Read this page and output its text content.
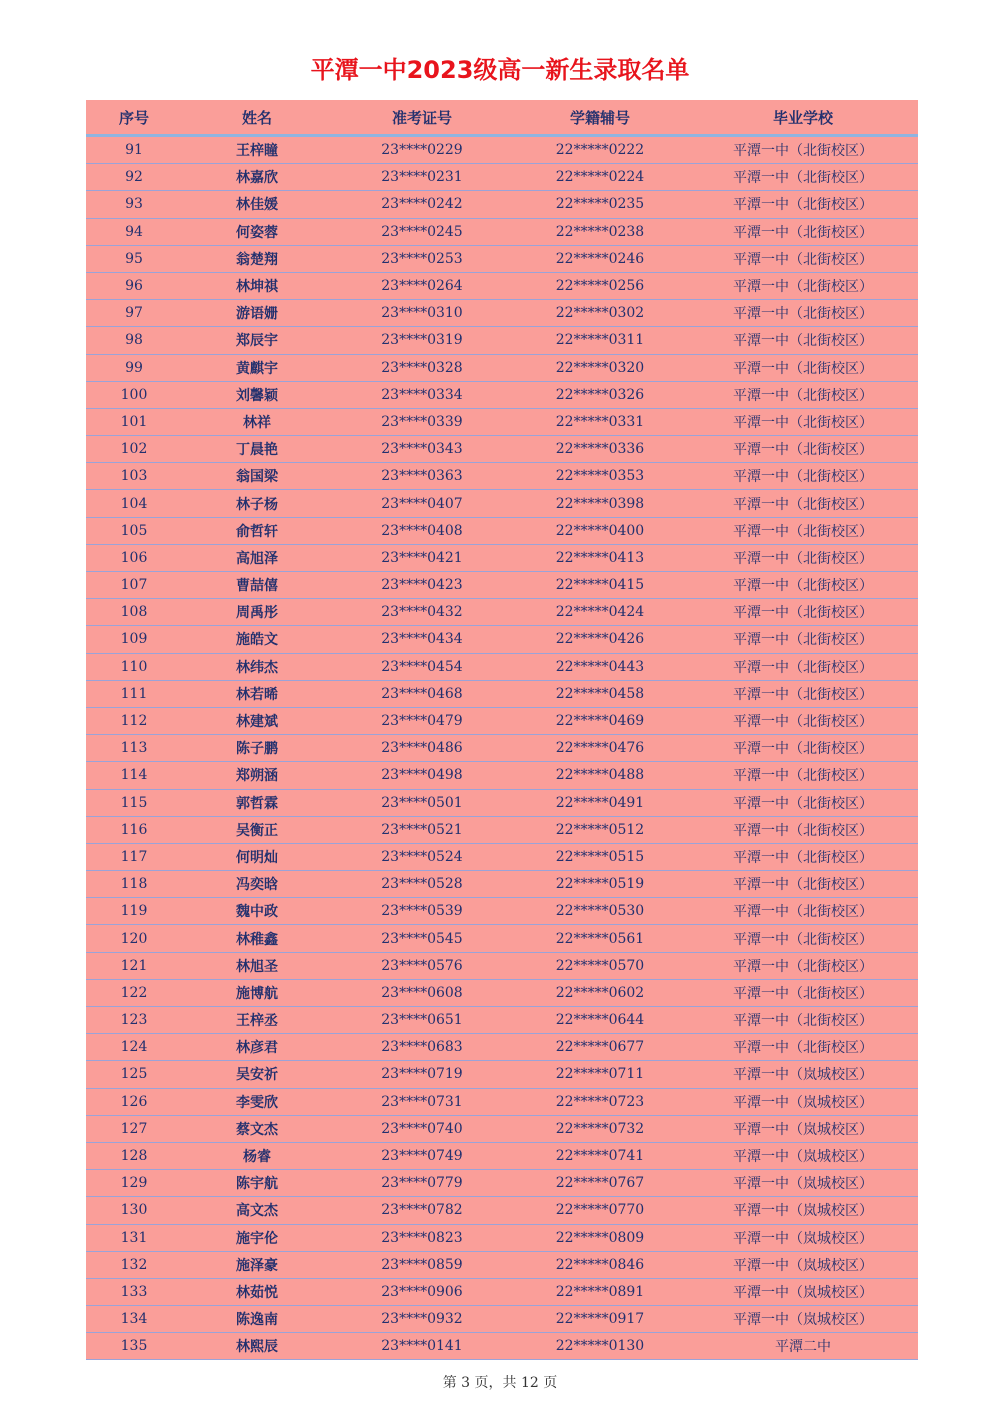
平潭一中2023级高一新生录取名单
序号	姓名	准考证号	学籍辅号	毕业学校
91	王梓瞳	23****0229	22*****0222	平潭一中（北街校区）
92	林嘉欣	23****0231	22*****0224	平潭一中（北街校区）
93	林佳媛	23****0242	22*****0235	平潭一中（北街校区）
94	何姿蓉	23****0245	22*****0238	平潭一中（北街校区）
95	翁楚翔	23****0253	22*****0246	平潭一中（北街校区）
96	林坤祺	23****0264	22*****0256	平潭一中（北街校区）
97	游语姗	23****0310	22*****0302	平潭一中（北街校区）
98	郑辰宇	23****0319	22*****0311	平潭一中（北街校区）
99	黄麒宇	23****0328	22*****0320	平潭一中（北街校区）
100	刘馨颖	23****0334	22*****0326	平潭一中（北街校区）
101	林祥	23****0339	22*****0331	平潭一中（北街校区）
102	丁晨艳	23****0343	22*****0336	平潭一中（北街校区）
103	翁国梁	23****0363	22*****0353	平潭一中（北街校区）
104	林子杨	23****0407	22*****0398	平潭一中（北街校区）
105	俞哲轩	23****0408	22*****0400	平潭一中（北街校区）
106	高旭泽	23****0421	22*****0413	平潭一中（北街校区）
107	曹喆僖	23****0423	22*****0415	平潭一中（北街校区）
108	周禹彤	23****0432	22*****0424	平潭一中（北街校区）
109	施皓文	23****0434	22*****0426	平潭一中（北街校区）
110	林纬杰	23****0454	22*****0443	平潭一中（北街校区）
111	林若晞	23****0468	22*****0458	平潭一中（北街校区）
112	林建斌	23****0479	22*****0469	平潭一中（北街校区）
113	陈子鹏	23****0486	22*****0476	平潭一中（北街校区）
114	郑朔涵	23****0498	22*****0488	平潭一中（北街校区）
115	郭哲霖	23****0501	22*****0491	平潭一中（北街校区）
116	吴衡正	23****0521	22*****0512	平潭一中（北街校区）
117	何明灿	23****0524	22*****0515	平潭一中（北街校区）
118	冯奕晗	23****0528	22*****0519	平潭一中（北街校区）
119	魏中政	23****0539	22*****0530	平潭一中（北街校区）
120	林稚鑫	23****0545	22*****0561	平潭一中（北街校区）
121	林旭圣	23****0576	22*****0570	平潭一中（北街校区）
122	施博航	23****0608	22*****0602	平潭一中（北街校区）
123	王梓丞	23****0651	22*****0644	平潭一中（北街校区）
124	林彦君	23****0683	22*****0677	平潭一中（北街校区）
125	吴安祈	23****0719	22*****0711	平潭一中（岚城校区）
126	李雯欣	23****0731	22*****0723	平潭一中（岚城校区）
127	蔡文杰	23****0740	22*****0732	平潭一中（岚城校区）
128	杨睿	23****0749	22*****0741	平潭一中（岚城校区）
129	陈宇航	23****0779	22*****0767	平潭一中（岚城校区）
130	高文杰	23****0782	22*****0770	平潭一中（岚城校区）
131	施宇伦	23****0823	22*****0809	平潭一中（岚城校区）
132	施泽豪	23****0859	22*****0846	平潭一中（岚城校区）
133	林茹悦	23****0906	22*****0891	平潭一中（岚城校区）
134	陈逸南	23****0932	22*****0917	平潭一中（岚城校区）
135	林熙辰	23****0141	22*****0130	平潭二中
第 3 页，共 12 页
